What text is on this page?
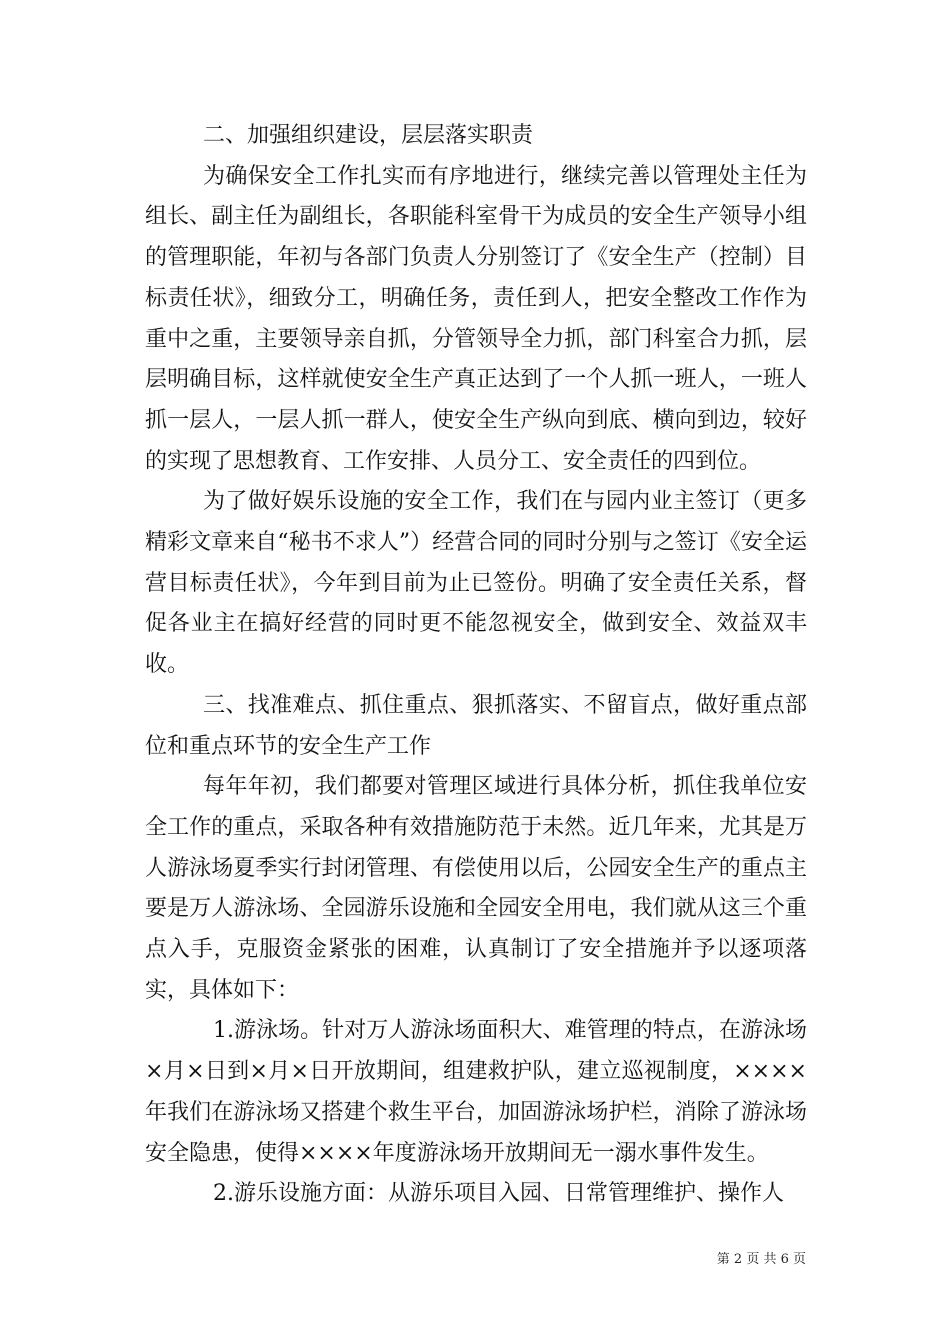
二、加强组织建设，层层落实职责

为确保安全工作扎实而有序地进行，继续完善以管理处主任为组长、副主任为副组长，各职能科室骨干为成员的安全生产领导小组的管理职能，年初与各部门负责人分别签订了《安全生产（控制）目标责任状》，细致分工，明确任务，责任到人，把安全整改工作作为重中之重，主要领导亲自抓，分管领导全力抓，部门科室合力抓，层层明确目标，这样就使安全生产真正达到了一个人抓一班人，一班人抓一层人，一层人抓一群人，使安全生产纵向到底、横向到边，较好的实现了思想教育、工作安排、人员分工、安全责任的四到位。

为了做好娱乐设施的安全工作，我们在与园内业主签订（更多精彩文章来自“秘书不求人”）经营合同的同时分别与之签订《安全运营目标责任状》，今年到目前为止已签份。明确了安全责任关系，督促各业主在搞好经营的同时更不能忽视安全，做到安全、效益双丰收。

三、找准难点、抓住重点、狠抓落实、不留盲点，做好重点部位和重点环节的安全生产工作

每年年初，我们都要对管理区域进行具体分析，抓住我单位安全工作的重点，采取各种有效措施防范于未然。近几年来，尤其是万人游泳场夏季实行封闭管理、有偿使用以后，公园安全生产的重点主要是万人游泳场、全园游乐设施和全园安全用电，我们就从这三个重点入手，克服资金紧张的困难，认真制订了安全措施并予以逐项落实，具体如下：

1.游泳场。针对万人游泳场面积大、难管理的特点，在游泳场×月×日到×月×日开放期间，组建救护队，建立巡视制度，××××年我们在游泳场又搭建个救生平台，加固游泳场护栏，消除了游泳场安全隐患，使得××××年度游泳场开放期间无一溺水事件发生。

2.游乐设施方面：从游乐项目入园、日常管理维护、操作人

第 2 页 共 6 页
